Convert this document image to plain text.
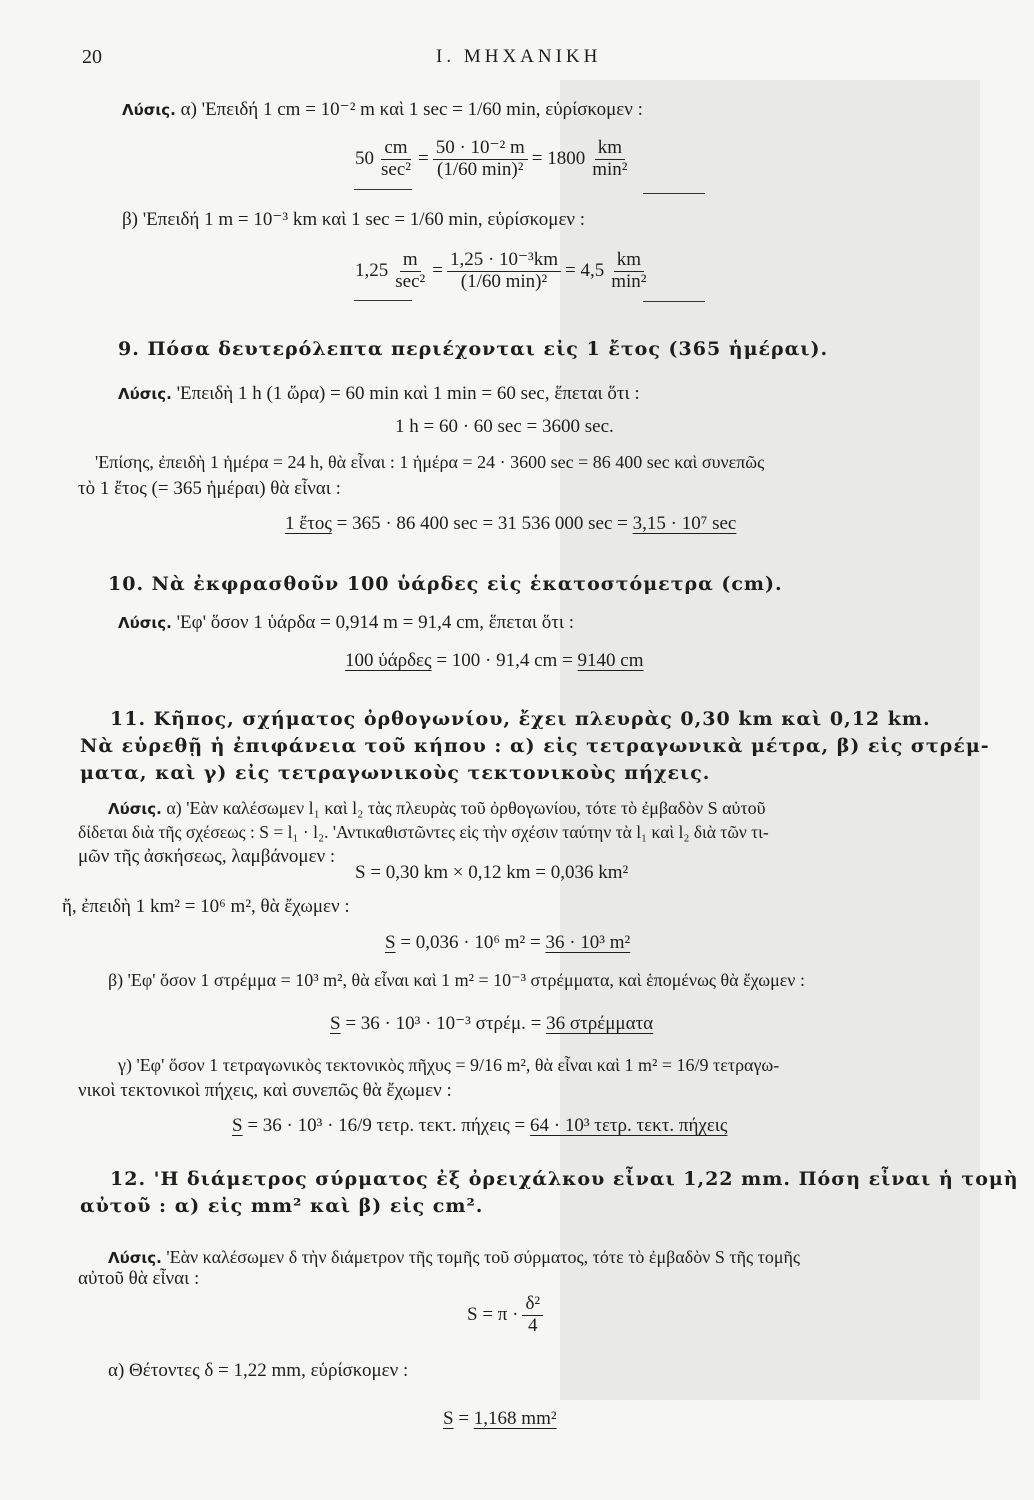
20	Ι. ΜΗΧΑΝΙΚΗ
Λύσις. α) 'Επειδή 1 cm = 10⁻² m καὶ 1 sec = 1/60 min, εὑρίσκομεν :
$50 \frac{cm}{\text{sec²}} = \frac{\text{50 · 10⁻² m}}{\text{(1/60 min)²}} = 1800 \frac{km}{\text{min²}}$
β) 'Επειδή 1 m = 10⁻³ km καὶ 1 sec = 1/60 min, εὑρίσκομεν :
$1,25 \frac{m}{\text{sec²}} = \frac{\text{1,25 · 10⁻³km}}{\text{(1/60 min)²}} = 4,5 \frac{km}{\text{min²}}$
9. Πόσα δευτερόλεπτα περιέχονται εἰς 1 ἔτος (365 ἡμέραι).
Λύσις. 'Επειδὴ 1 h (1 ὥρα) = 60 min καὶ 1 min = 60 sec, ἕπεται ὅτι :
1 h = 60 · 60 sec = 3600 sec.
'Επίσης, ἐπειδὴ 1 ἡμέρα = 24 h, θὰ εἶναι : 1 ἡμέρα = 24 · 3600 sec = 86 400 sec καὶ συνεπῶς
τὸ 1 ἔτος (= 365 ἡμέραι) θὰ εἶναι :
1 ἔτος = 365 · 86 400 sec = 31 536 000 sec = 3,15 · 10⁷ sec
10. Νὰ ἐκφρασθοῦν 100 ὑάρδες εἰς ἑκατοστόμετρα (cm).
Λύσις. 'Εφ' ὅσον 1 ὑάρδα = 0,914 m = 91,4 cm, ἕπεται ὅτι :
100 ὑάρδες = 100 · 91,4 cm = 9140 cm
11. Κῆπος, σχήματος ὀρθογωνίου, ἔχει πλευρὰς 0,30 km καὶ 0,12 km.
Νὰ εὑρεθῇ ἡ ἐπιφάνεια τοῦ κήπου : α) εἰς τετραγωνικὰ μέτρα, β) εἰς στρέμ-
ματα, καὶ γ) εἰς τετραγωνικοὺς τεκτονικοὺς πήχεις.
Λύσις. α) 'Εὰν καλέσωμεν l₁ καὶ l₂ τὰς πλευρὰς τοῦ ὀρθογωνίου, τότε τὸ ἐμβαδὸν S αὐτοῦ
δίδεται διὰ τῆς σχέσεως : S = l₁ · l₂. 'Αντικαθιστῶντες εἰς τὴν σχέσιν ταύτην τὰ l₁ καὶ l₂ διὰ τῶν τι-
μῶν τῆς ἀσκήσεως, λαμβάνομεν :
S = 0,30 km × 0,12 km = 0,036 km²
ἤ, ἐπειδὴ 1 km² = 10⁶ m², θὰ ἔχωμεν :
S = 0,036 · 10⁶ m² = 36 · 10³ m²
β) 'Εφ' ὅσον 1 στρέμμα = 10³ m², θὰ εἶναι καὶ 1 m² = 10⁻³ στρέμματα, καὶ ἑπομένως θὰ ἔχωμεν :
S = 36 · 10³ · 10⁻³ στρέμ. = 36 στρέμματα
γ) 'Εφ' ὅσον 1 τετραγωνικὸς τεκτονικὸς πῆχυς = 9/16 m², θὰ εἶναι καὶ 1 m² = 16/9 τετραγω-
νικοὶ τεκτονικοὶ πήχεις, καὶ συνεπῶς θὰ ἔχωμεν :
S = 36 · 10³ · 16/9 τετρ. τεκτ. πήχεις = 64 · 10³ τετρ. τεκτ. πήχεις
12. 'Η διάμετρος σύρματος ἐξ ὀρειχάλκου εἶναι 1,22 mm. Πόση εἶναι ἡ τομὴ
αὐτοῦ : α) εἰς mm² καὶ β) εἰς cm².
Λύσις. 'Εὰν καλέσωμεν δ τὴν διάμετρον τῆς τομῆς τοῦ σύρματος, τότε τὸ ἐμβαδὸν S τῆς τομῆς
αὐτοῦ θὰ εἶναι :
$S = \pi \cdot \frac{\text{δ²}}{4}$
α) Θέτοντες δ = 1,22 mm, εὑρίσκομεν :
S = 1,168 mm²
